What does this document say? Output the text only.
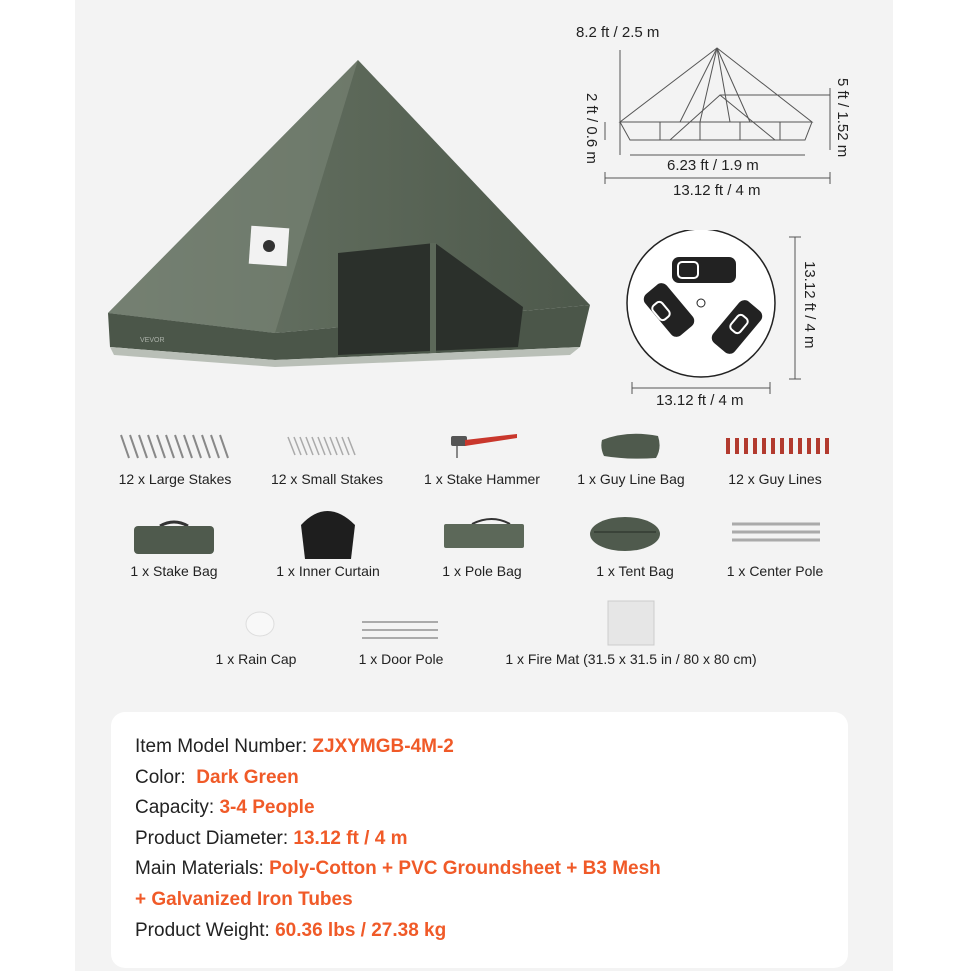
VEVOR
8.2 ft / 2.5 m
2 ft / 0.6 m	5 ft / 1.52 m
6.23 ft / 1.9 m
13.12 ft / 4 m
13.12 ft / 4 m
13.12 ft / 4 m
12 x Large Stakes	12 x Small Stakes	1 x Stake Hammer	1 x Guy Line Bag	12 x Guy Lines
1 x Stake Bag	1 x Inner Curtain	1 x Pole Bag	1 x Tent Bag	1 x Center Pole
1 x Rain Cap	1 x Door Pole	1 x Fire Mat (31.5 x 31.5 in / 80 x 80 cm)
Item Model Number: ZJXYMGB-4M-2
Color:  Dark Green
Capacity: 3-4 People
Product Diameter: 13.12 ft / 4 m
Main Materials: Poly-Cotton + PVC Groundsheet + B3 Mesh
+ Galvanized Iron Tubes
Product Weight: 60.36 lbs / 27.38 kg
